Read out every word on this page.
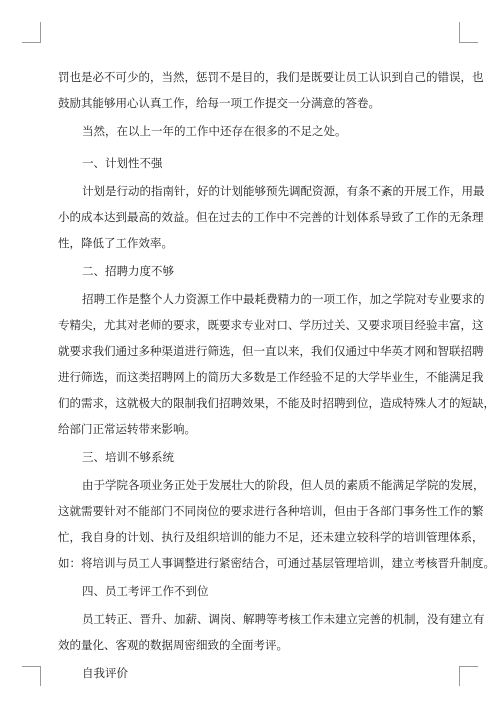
罚也是必不可少的，当然，惩罚不是目的，我们是既要让员工认识到自己的错误，也
鼓励其能够用心认真工作，给每一项工作提交一分满意的答卷。
当然，在以上一年的工作中还存在很多的不足之处。
一、计划性不强
计划是行动的指南针，好的计划能够预先调配资源，有条不紊的开展工作，用最
小的成本达到最高的效益。但在过去的工作中不完善的计划体系导致了工作的无条理
性，降低了工作效率。
二、招聘力度不够
招聘工作是整个人力资源工作中最耗费精力的一项工作，加之学院对专业要求的
专精尖，尤其对老师的要求，既要求专业对口、学历过关、又要求项目经验丰富，这
就要求我们通过多种渠道进行筛选，但一直以来，我们仅通过中华英才网和智联招聘
进行筛选，而这类招聘网上的简历大多数是工作经验不足的大学毕业生，不能满足我
们的需求，这就极大的限制我们招聘效果，不能及时招聘到位，造成特殊人才的短缺，
给部门正常运转带来影响。
三、培训不够系统
由于学院各项业务正处于发展壮大的阶段，但人员的素质不能满足学院的发展，
这就需要针对不能部门不同岗位的要求进行各种培训，但由于各部门事务性工作的繁
忙，我自身的计划、执行及组织培训的能力不足，还未建立较科学的培训管理体系，
如：将培训与员工人事调整进行紧密结合，可通过基层管理培训，建立考核晋升制度。
四、员工考评工作不到位
员工转正、晋升、加薪、调岗、解聘等考核工作未建立完善的机制，没有建立有
效的量化、客观的数据周密细致的全面考评。
自我评价
